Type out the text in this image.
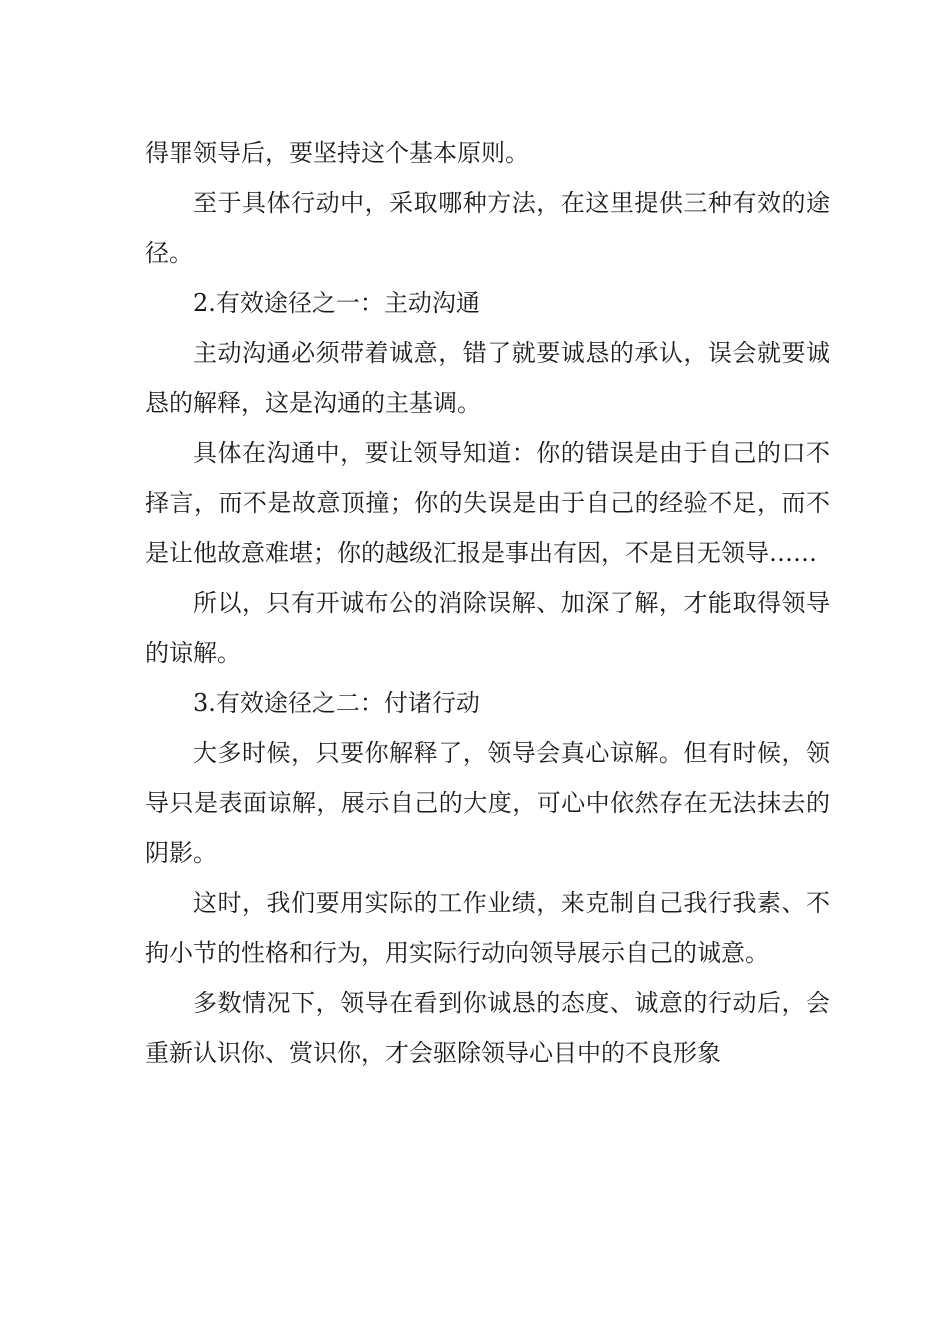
得罪领导后，要坚持这个基本原则。

至于具体行动中，采取哪种方法，在这里提供三种有效的途径。

2.有效途径之一：主动沟通

主动沟通必须带着诚意，错了就要诚恳的承认，误会就要诚恳的解释，这是沟通的主基调。

具体在沟通中，要让领导知道：你的错误是由于自己的口不择言，而不是故意顶撞；你的失误是由于自己的经验不足，而不是让他故意难堪；你的越级汇报是事出有因，不是目无领导……

所以，只有开诚布公的消除误解、加深了解，才能取得领导的谅解。

3.有效途径之二：付诸行动

大多时候，只要你解释了，领导会真心谅解。但有时候，领导只是表面谅解，展示自己的大度，可心中依然存在无法抹去的阴影。

这时，我们要用实际的工作业绩，来克制自己我行我素、不拘小节的性格和行为，用实际行动向领导展示自己的诚意。

多数情况下，领导在看到你诚恳的态度、诚意的行动后，会重新认识你、赏识你，才会驱除领导心目中的不良形象
